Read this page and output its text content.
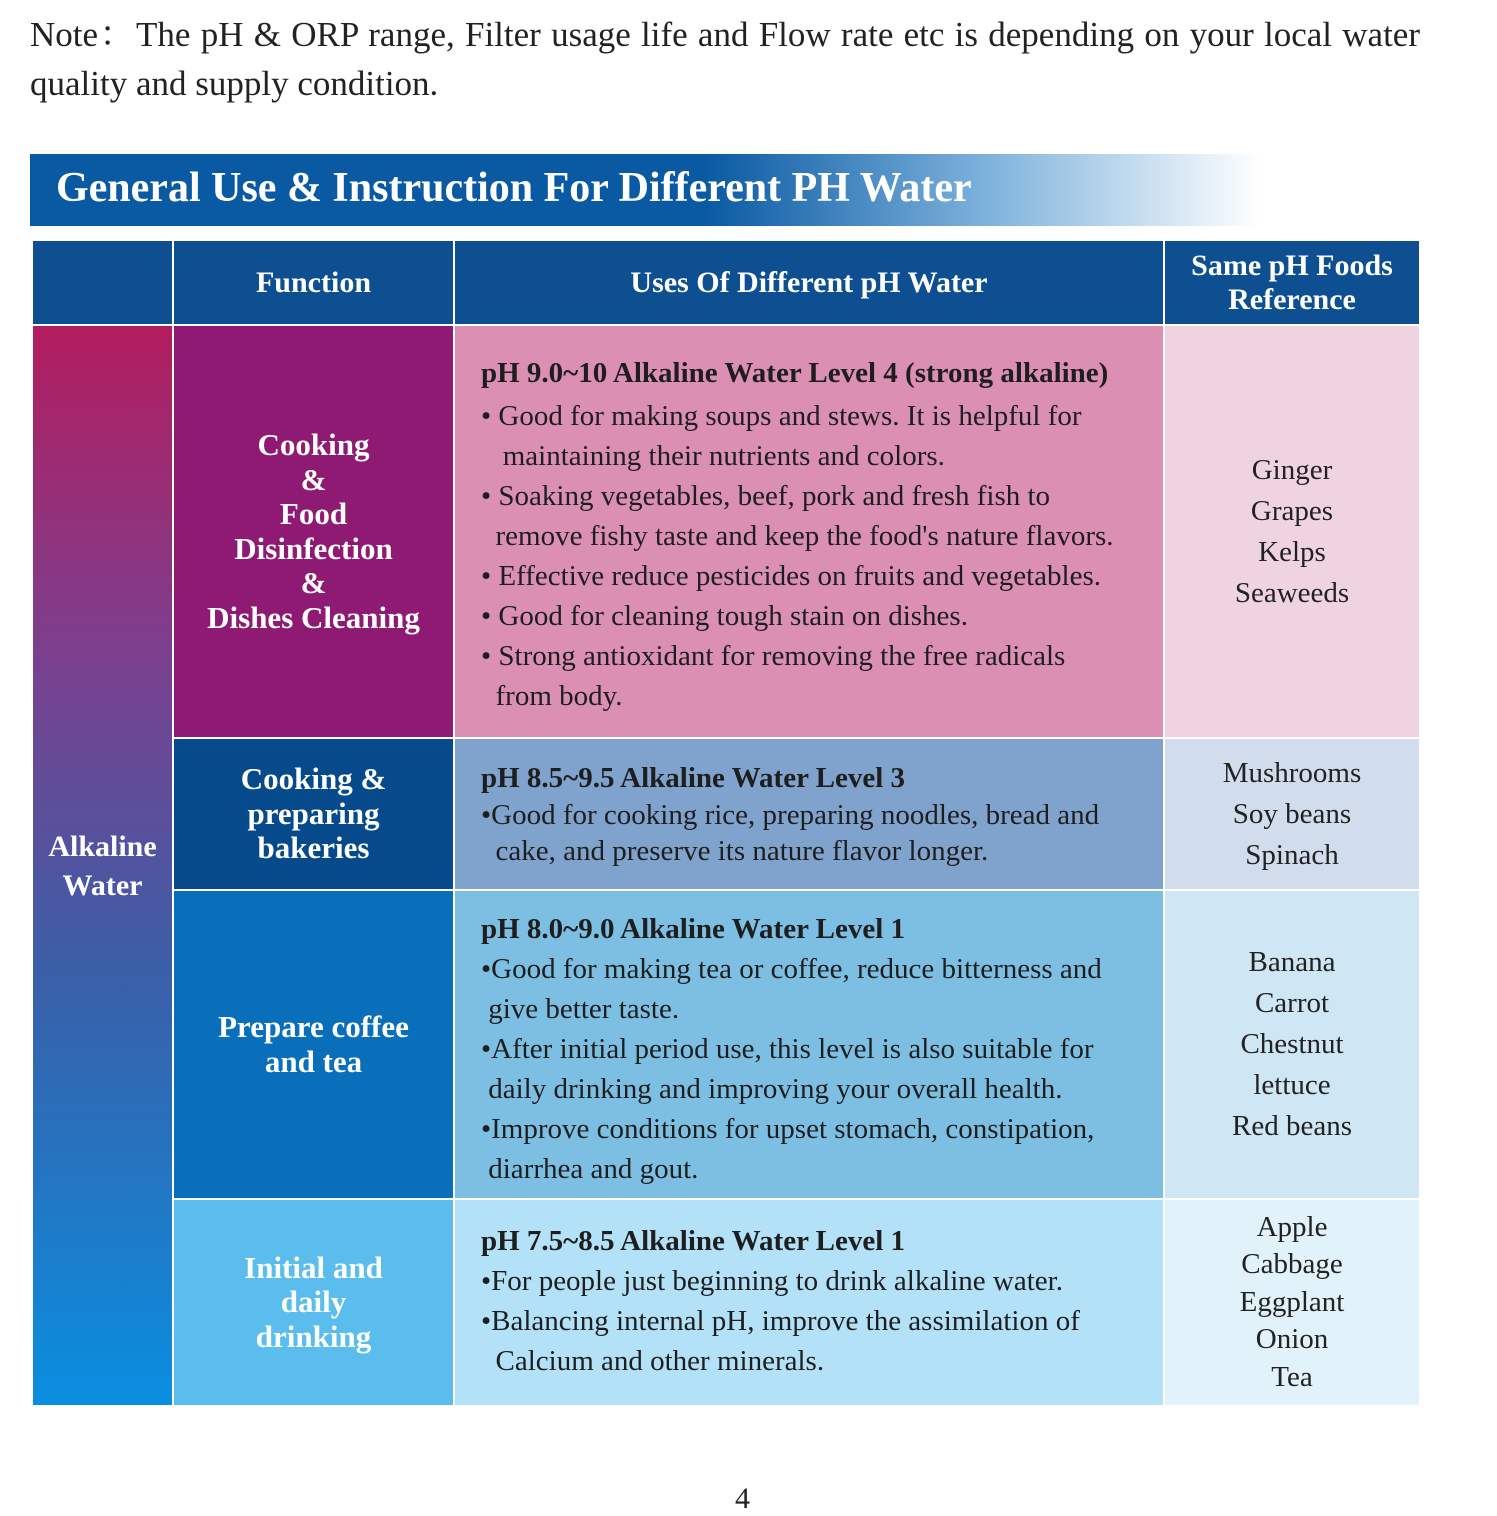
Note：The pH & ORP range, Filter usage life and Flow rate etc is depending on your local water quality and supply condition.
General Use & Instruction For Different PH Water
Function	Uses Of Different pH Water
Same pH Foods
Reference
Alkaline
Water
Cooking
&
Food
Disinfection
&
Dishes Cleaning
pH 9.0~10 Alkaline Water Level 4 (strong alkaline)
• Good for making soups and stews. It is helpful for
maintaining their nutrients and colors.
• Soaking vegetables, beef, pork and fresh fish to
remove fishy taste and keep the food's nature flavors.
• Effective reduce pesticides on fruits and vegetables.
• Good for cleaning tough stain on dishes.
• Strong antioxidant for removing the free radicals
from body.
Ginger
Grapes
Kelps
Seaweeds
Cooking &
preparing
bakeries
pH 8.5~9.5 Alkaline Water Level 3
•Good for cooking rice, preparing noodles, bread and
cake, and preserve its nature flavor longer.
Mushrooms
Soy beans
Spinach
Prepare coffee
and tea
pH 8.0~9.0 Alkaline Water Level 1
•Good for making tea or coffee, reduce bitterness and
give better taste.
•After initial period use, this level is also suitable for
daily drinking and improving your overall health.
•Improve conditions for upset stomach, constipation,
diarrhea and gout.
Banana
Carrot
Chestnut
lettuce
Red beans
Initial and
daily
drinking
pH 7.5~8.5 Alkaline Water Level 1
•For people just beginning to drink alkaline water.
•Balancing internal pH, improve the assimilation of
Calcium and other minerals.
Apple
Cabbage
Eggplant
Onion
Tea
4
